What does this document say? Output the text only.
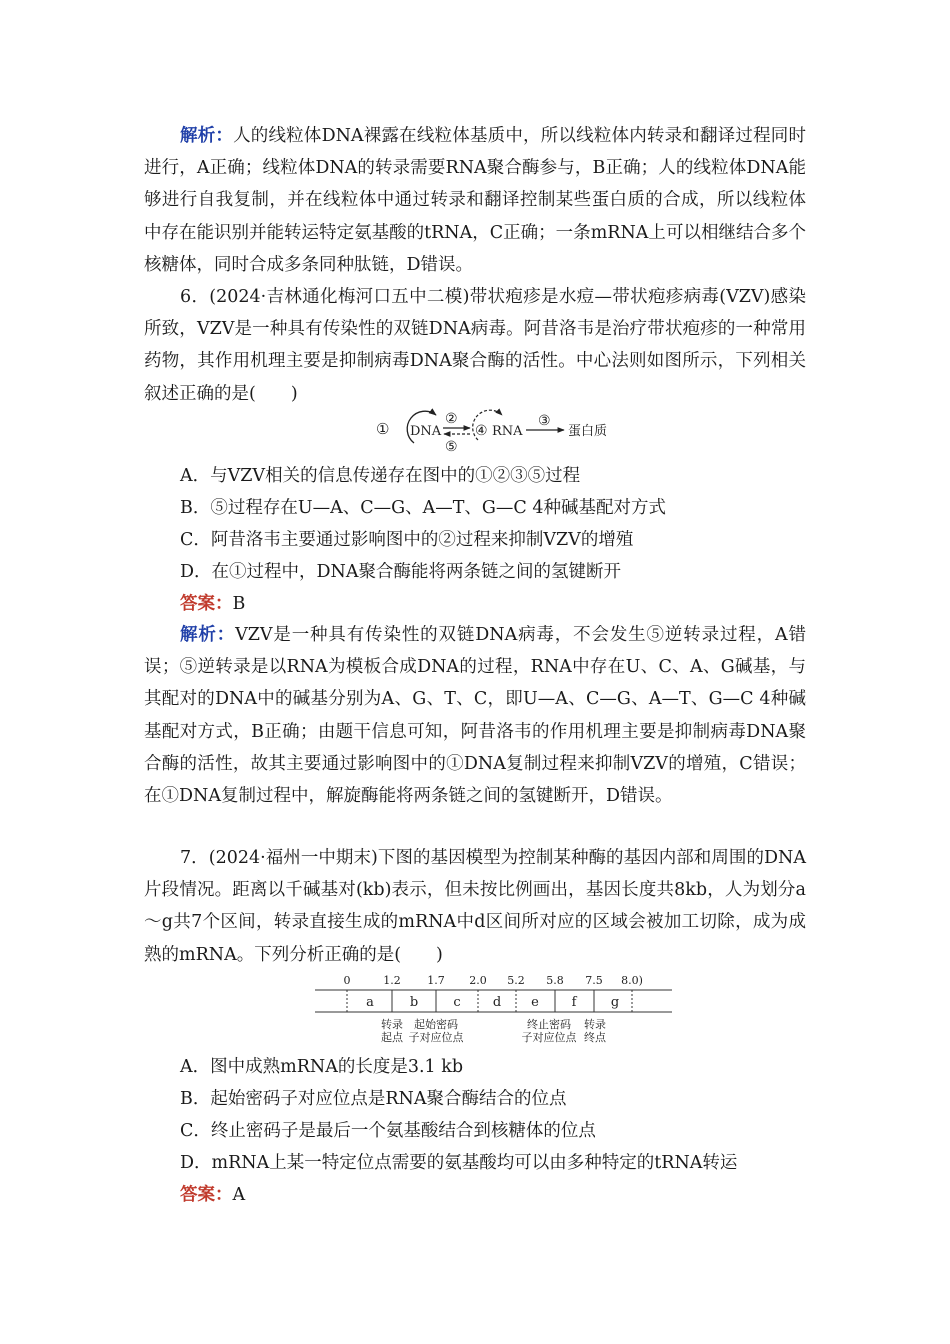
解析：人的线粒体DNA裸露在线粒体基质中，所以线粒体内转录和翻译过程同时进行，A正确；线粒体DNA的转录需要RNA聚合酶参与，B正确；人的线粒体DNA能够进行自我复制，并在线粒体中通过转录和翻译控制某些蛋白质的合成，所以线粒体中存在能识别并能转运特定氨基酸的tRNA，C正确；一条mRNA上可以相继结合多个核糖体，同时合成多条同种肽链，D错误。
6．(2024·吉林通化梅河口五中二模)带状疱疹是水痘—带状疱疹病毒(VZV)感染所致，VZV是一种具有传染性的双链DNA病毒。阿昔洛韦是治疗带状疱疹的一种常用药物，其作用机理主要是抑制病毒DNA聚合酶的活性。中心法则如图所示，下列相关叙述正确的是(　　)
① DNA
②
⑤
④ RNA
③
蛋白质
A．与VZV相关的信息传递存在图中的①②③⑤过程
B．⑤过程存在U—A、C—G、A—T、G—C 4种碱基配对方式
C．阿昔洛韦主要通过影响图中的②过程来抑制VZV的增殖
D．在①过程中，DNA聚合酶能将两条链之间的氢键断开
答案：B
解析：VZV是一种具有传染性的双链DNA病毒，不会发生⑤逆转录过程，A错误；⑤逆转录是以RNA为模板合成DNA的过程，RNA中存在U、C、A、G碱基，与其配对的DNA中的碱基分别为A、G、T、C，即U—A、C—G、A—T、G—C 4种碱基配对方式，B正确；由题干信息可知，阿昔洛韦的作用机理主要是抑制病毒DNA聚合酶的活性，故其主要通过影响图中的①DNA复制过程来抑制VZV的增殖，C错误；在①DNA复制过程中，解旋酶能将两条链之间的氢键断开，D错误。
7．(2024·福州一中期末)下图的基因模型为控制某种酶的基因内部和周围的DNA片段情况。距离以千碱基对(kb)表示，但未按比例画出，基因长度共8kb，人为划分a～g共7个区间，转录直接生成的mRNA中d区间所对应的区域会被加工切除，成为成熟的mRNA。下列分析正确的是(　　)
0	1.2 1.7 2.0 5.2 5.8 7.5 8.0)
a	b	c d e	f	g
转录
起点
起始密码
子对应位点
终止密码
子对应位点
转录
终点
A．图中成熟mRNA的长度是3.1 kb
B．起始密码子对应位点是RNA聚合酶结合的位点
C．终止密码子是最后一个氨基酸结合到核糖体的位点
D．mRNA上某一特定位点需要的氨基酸均可以由多种特定的tRNA转运
答案：A
